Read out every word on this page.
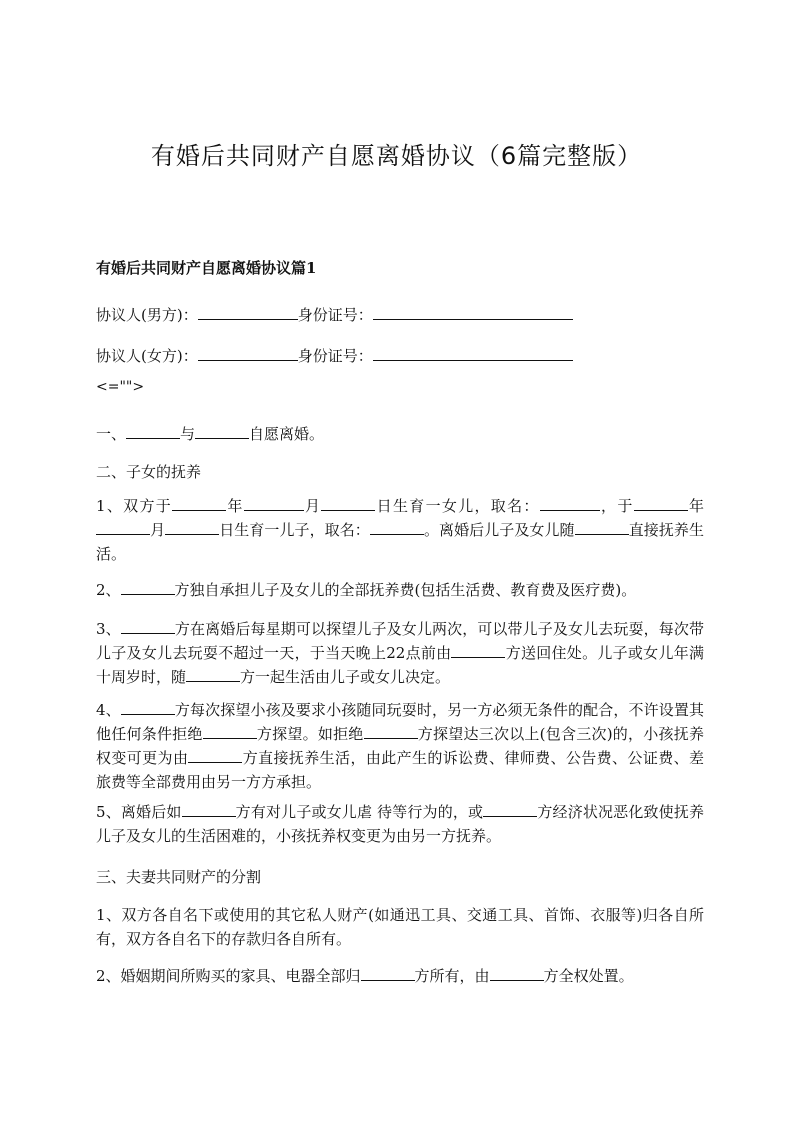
有婚后共同财产自愿离婚协议（6篇完整版）
有婚后共同财产自愿离婚协议篇1
协议人(男方)：	身份证号：
协议人(女方)：	身份证号：
<="">
一、	与	自愿离婚。
二、子女的抚养
1、双方于	年	月	日生育一女儿，取名：	，于	年月	日生育一儿子，取名：	。离婚后儿子及女儿随	直接抚养生活。
2、	方独自承担儿子及女儿的全部抚养费(包括生活费、教育费及医疗费)。
3、	方在离婚后每星期可以探望儿子及女儿两次，可以带儿子及女儿去玩耍，每次带儿子及女儿去玩耍不超过一天，于当天晚上22点前由	方送回住处。儿子或女儿年满十周岁时，随	方一起生活由儿子或女儿决定。
4、	方每次探望小孩及要求小孩随同玩耍时，另一方必须无条件的配合，不许设置其他任何条件拒绝	方探望。如拒绝	方探望达三次以上(包含三次)的，小孩抚养权变可更为由	方直接抚养生活，由此产生的诉讼费、律师费、公告费、公证费、差旅费等全部费用由另一方方承担。
5、离婚后如	方有对儿子或女儿虐 待等行为的，或	方经济状况恶化致使抚养儿子及女儿的生活困难的，小孩抚养权变更为由另一方抚养。
三、夫妻共同财产的分割
1、双方各自名下或使用的其它私人财产(如通迅工具、交通工具、首饰、衣服等)归各自所有，双方各自名下的存款归各自所有。
2、婚姻期间所购买的家具、电器全部归	方所有，由	方全权处置。
